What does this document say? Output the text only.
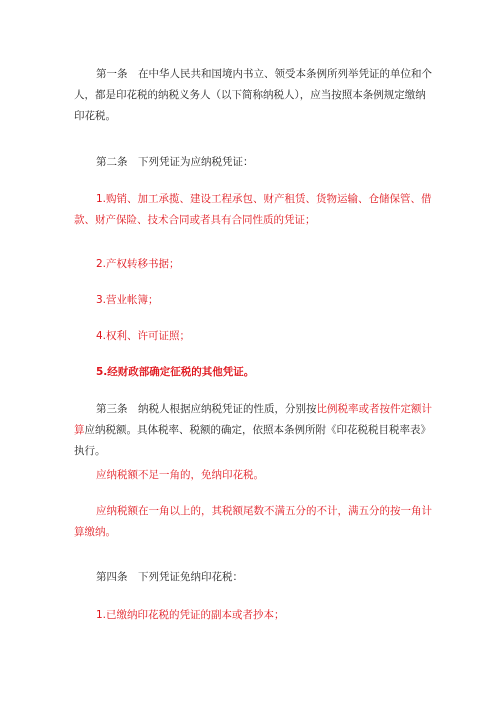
第一条　在中华人民共和国境内书立、领受本条例所列举凭证的单位和个人，都是印花税的纳税义务人（以下简称纳税人），应当按照本条例规定缴纳印花税。

第二条　下列凭证为应纳税凭证：

1.购销、加工承揽、建设工程承包、财产租赁、货物运输、仓储保管、借款、财产保险、技术合同或者具有合同性质的凭证；

2.产权转移书据；

3.营业帐簿；

4.权利、许可证照；

5.经财政部确定征税的其他凭证。

第三条　纳税人根据应纳税凭证的性质，分别按比例税率或者按件定额计算应纳税额。具体税率、税额的确定，依照本条例所附《印花税税目税率表》执行。

应纳税额不足一角的，免纳印花税。

应纳税额在一角以上的，其税额尾数不满五分的不计，满五分的按一角计算缴纳。

第四条　下列凭证免纳印花税：

1.已缴纳印花税的凭证的副本或者抄本；
